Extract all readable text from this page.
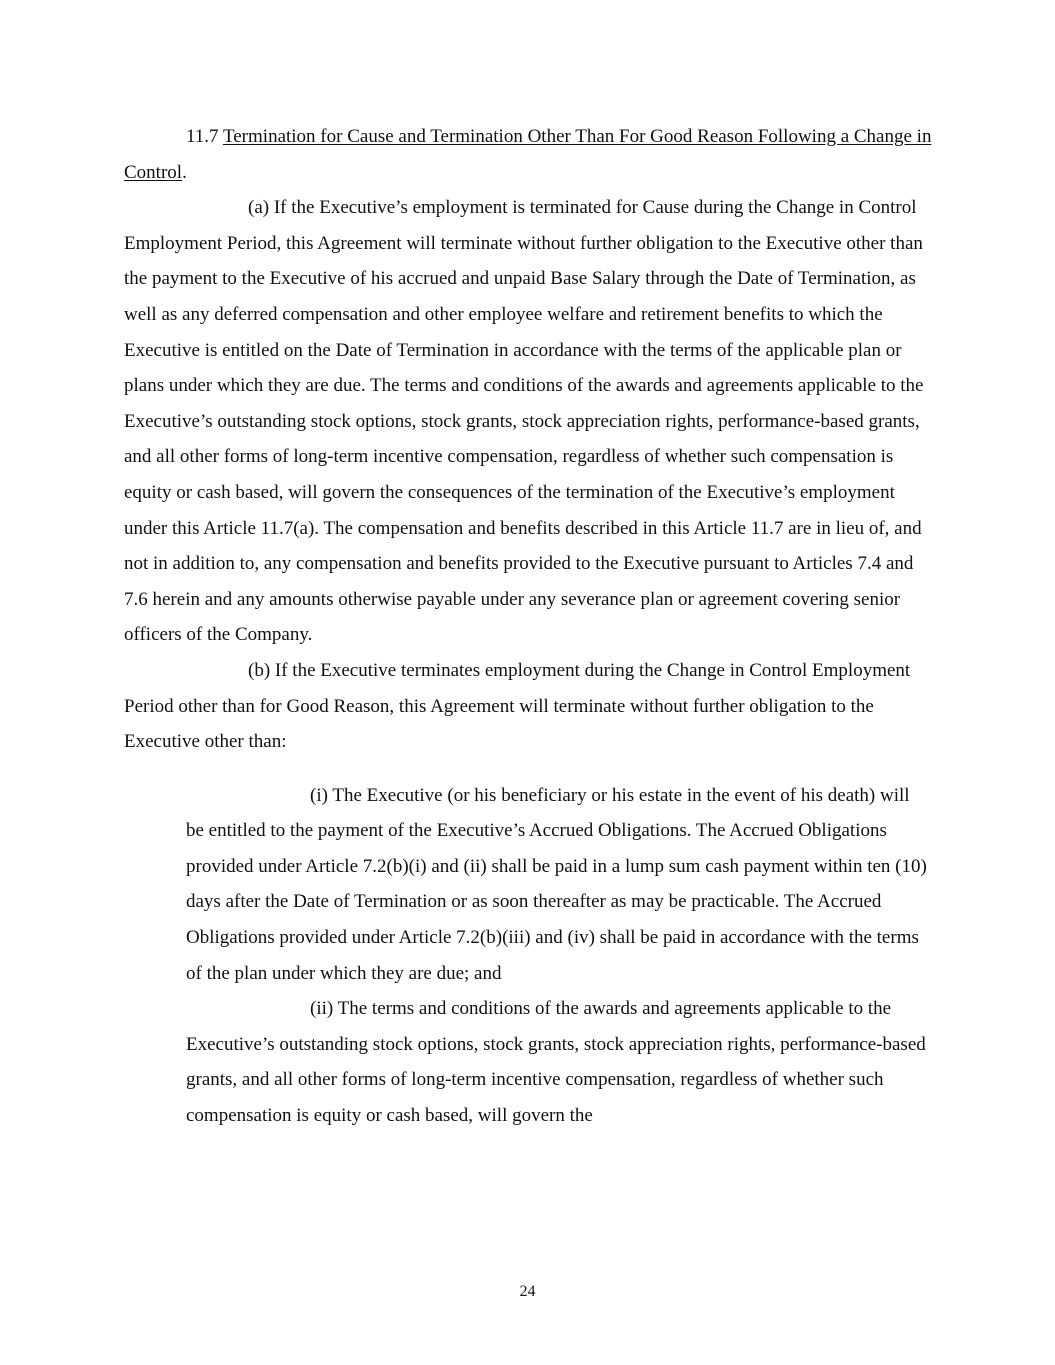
11.7 Termination for Cause and Termination Other Than For Good Reason Following a Change in Control.

(a) If the Executive’s employment is terminated for Cause during the Change in Control Employment Period, this Agreement will terminate without further obligation to the Executive other than the payment to the Executive of his accrued and unpaid Base Salary through the Date of Termination, as well as any deferred compensation and other employee welfare and retirement benefits to which the Executive is entitled on the Date of Termination in accordance with the terms of the applicable plan or plans under which they are due. The terms and conditions of the awards and agreements applicable to the Executive’s outstanding stock options, stock grants, stock appreciation rights, performance-based grants, and all other forms of long-term incentive compensation, regardless of whether such compensation is equity or cash based, will govern the consequences of the termination of the Executive’s employment under this Article 11.7(a). The compensation and benefits described in this Article 11.7 are in lieu of, and not in addition to, any compensation and benefits provided to the Executive pursuant to Articles 7.4 and 7.6 herein and any amounts otherwise payable under any severance plan or agreement covering senior officers of the Company.

(b) If the Executive terminates employment during the Change in Control Employment Period other than for Good Reason, this Agreement will terminate without further obligation to the Executive other than:

(i) The Executive (or his beneficiary or his estate in the event of his death) will be entitled to the payment of the Executive’s Accrued Obligations. The Accrued Obligations provided under Article 7.2(b)(i) and (ii) shall be paid in a lump sum cash payment within ten (10) days after the Date of Termination or as soon thereafter as may be practicable. The Accrued Obligations provided under Article 7.2(b)(iii) and (iv) shall be paid in accordance with the terms of the plan under which they are due; and

(ii) The terms and conditions of the awards and agreements applicable to the Executive’s outstanding stock options, stock grants, stock appreciation rights, performance-based grants, and all other forms of long-term incentive compensation, regardless of whether such compensation is equity or cash based, will govern the

24
